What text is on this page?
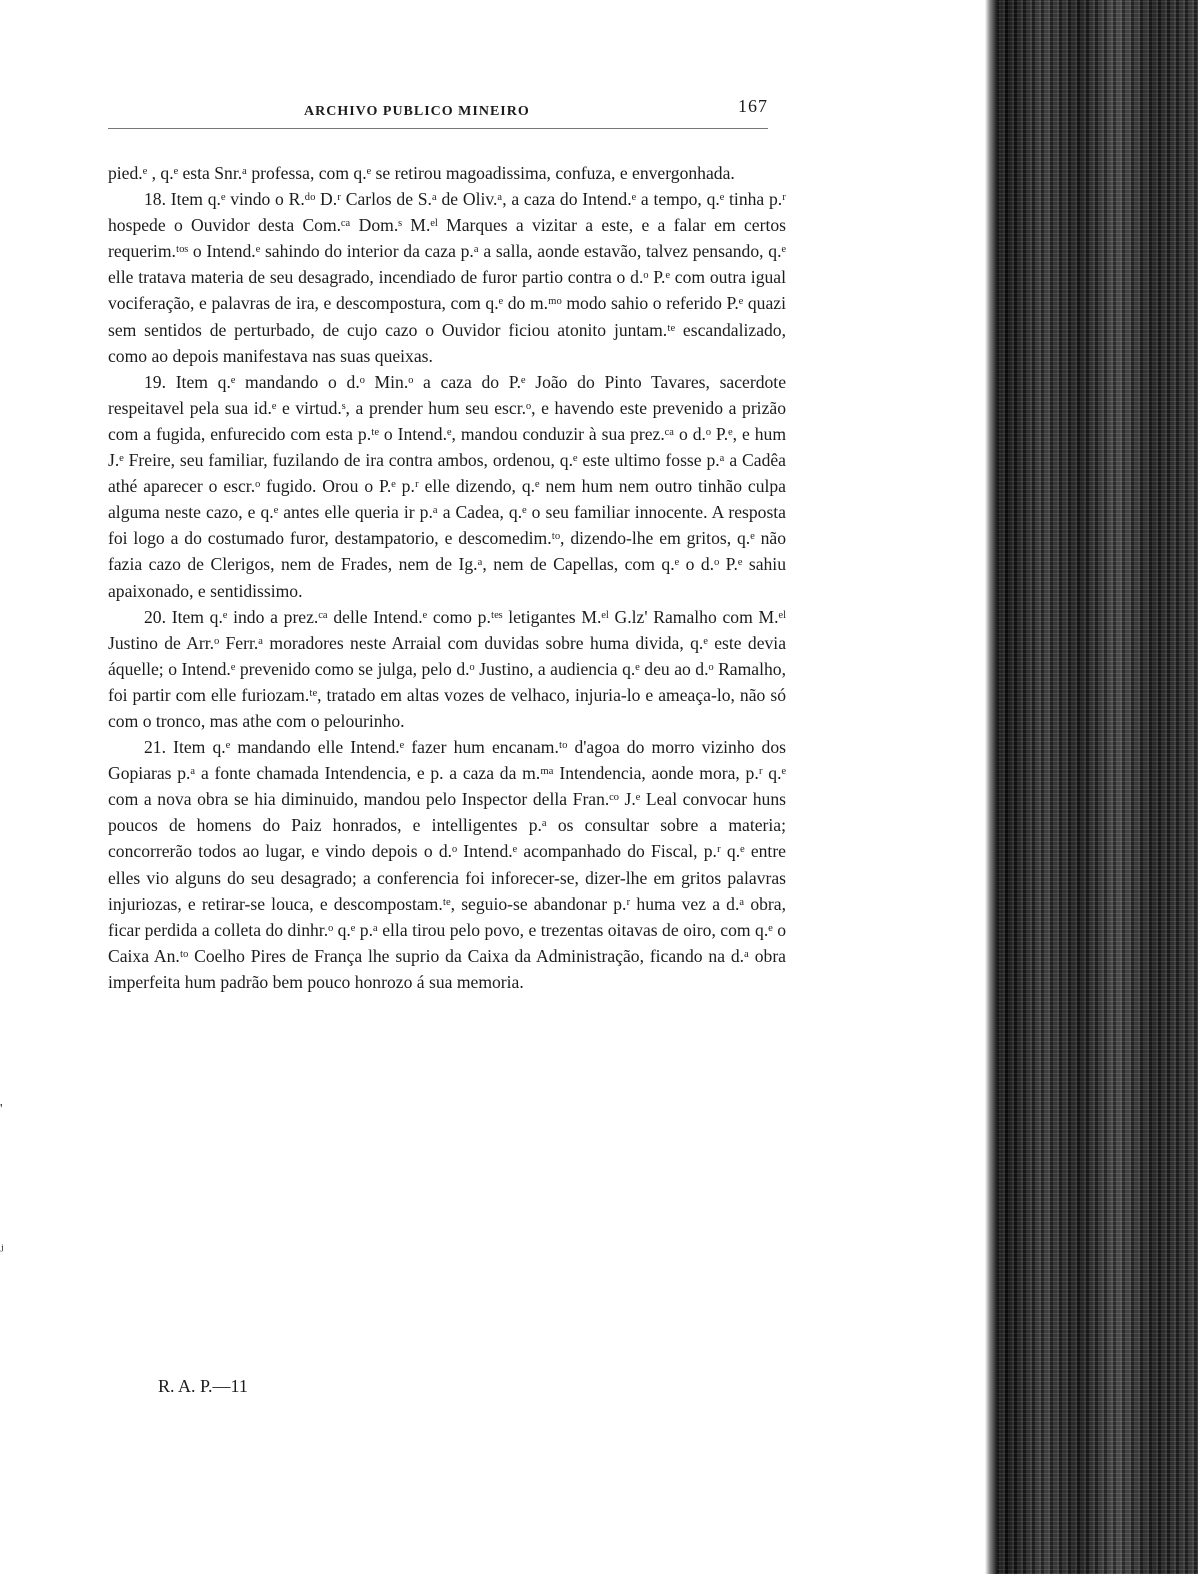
ARCHIVO PUBLICO MINEIRO	167

pied.ᵉ , q.ᵉ esta Snr.ᵃ professa, com q.ᵉ se retirou magoadissima, confuza, e envergonhada.

18. Item q.ᵉ vindo o R.ᵈᵒ D.ʳ Carlos de S.ᵃ de Oliv.ᵃ, a caza do Intend.ᵉ a tempo, q.ᵉ tinha p.ʳ hospede o Ouvidor desta Com.ᶜᵃ Dom.ˢ M.ᵉˡ Marques a vizitar a este, e a falar em certos requerim.ᵗᵒˢ o Intend.ᵉ sahindo do interior da caza p.ᵃ a salla, aonde estavão, talvez pensando, q.ᵉ elle tratava materia de seu desagrado, incendiado de furor partio contra o d.ᵒ P.ᵉ com outra igual vociferação, e palavras de ira, e descompostura, com q.ᵉ do m.ᵐᵒ modo sahio o referido P.ᵉ quazi sem sentidos de perturbado, de cujo cazo o Ouvidor ficiou atonito juntam.ᵗᵉ escandalizado, como ao depois manifestava nas suas queixas.

19. Item q.ᵉ mandando o d.ᵒ Min.ᵒ a caza do P.ᵉ João do Pinto Tavares, sacerdote respeitavel pela sua id.ᵉ e virtud.ˢ, a prender hum seu escr.ᵒ, e havendo este prevenido a prizão com a fugida, enfurecido com esta p.ᵗᵉ o Intend.ᵉ, mandou conduzir à sua prez.ᶜᵃ o d.ᵒ P.ᵉ, e hum J.ᵉ Freire, seu familiar, fuzilando de ira contra ambos, ordenou, q.ᵉ este ultimo fosse p.ᵃ a Cadêa athé aparecer o escr.ᵒ fugido. Orou o P.ᵉ p.ʳ elle dizendo, q.ᵉ nem hum nem outro tinhão culpa alguma neste cazo, e q.ᵉ antes elle queria ir p.ᵃ a Cadea, q.ᵉ o seu familiar innocente. A resposta foi logo a do costumado furor, destampatorio, e descomedim.ᵗᵒ, dizendo-lhe em gritos, q.ᵉ não fazia cazo de Clerigos, nem de Frades, nem de Ig.ᵃ, nem de Capellas, com q.ᵉ o d.ᵒ P.ᵉ sahiu apaixonado, e sentidissimo.

20. Item q.ᵉ indo a prez.ᶜᵃ delle Intend.ᵉ como p.ᵗᵉˢ letigantes M.ᵉˡ G.lz' Ramalho com M.ᵉˡ Justino de Arr.ᵒ Ferr.ᵃ moradores neste Arraial com duvidas sobre huma divida, q.ᵉ este devia áquelle; o Intend.ᵉ prevenido como se julga, pelo d.ᵒ Justino, a audiencia q.ᵉ deu ao d.ᵒ Ramalho, foi partir com elle furiozam.ᵗᵉ, tratado em altas vozes de velhaco, injuria-lo e ameaça-lo, não só com o tronco, mas athe com o pelourinho.

21. Item q.ᵉ mandando elle Intend.ᵉ fazer hum encanam.ᵗᵒ d'agoa do morro vizinho dos Gopiaras p.ᵃ a fonte chamada Intendencia, e p. a caza da m.ᵐᵃ Intendencia, aonde mora, p.ʳ q.ᵉ com a nova obra se hia diminuido, mandou pelo Inspector della Fran.ᶜᵒ J.ᵉ Leal convocar huns poucos de homens do Paiz honrados, e intelligentes p.ᵃ os consultar sobre a materia; concorrerão todos ao lugar, e vindo depois o d.ᵒ Intend.ᵉ acompanhado do Fiscal, p.ʳ q.ᵉ entre elles vio alguns do seu desagrado; a conferencia foi inforecer-se, dizer-lhe em gritos palavras injuriozas, e retirar-se louca, e descompostam.ᵗᵉ, seguio-se abandonar p.ʳ huma vez a d.ᵃ obra, ficar perdida a colleta do dinhr.ᵒ q.ᵉ p.ᵃ ella tirou pelo povo, e trezentas oitavas de oiro, com q.ᵉ o Caixa An.ᵗᵒ Coelho Pires de França lhe suprio da Caixa da Administração, ficando na d.ᵃ obra imperfeita hum padrão bem pouco honrozo á sua memoria.

R. A. P.—11
'
ⱼ
